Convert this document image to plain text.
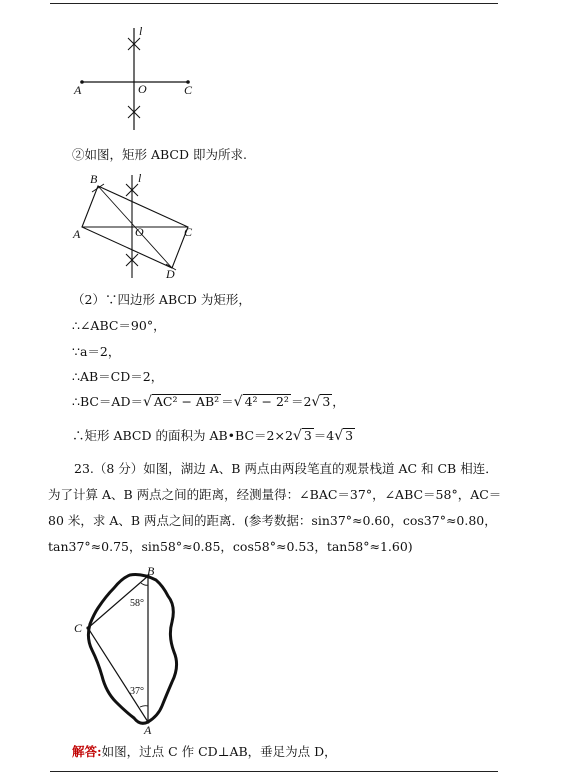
l
A	O	C
②如图，矩形 ABCD 即为所求.
B	l
A	O	C
D
（2）∵四边形 ABCD 为矩形，
∴∠ABC＝90°，
∵a＝2，
∴AB＝CD＝2，
∴BC＝AD＝√ AC² − AB² ＝√ 4² − 2² ＝2√ 3 ，
∴矩形 ABCD 的面积为 AB•BC＝2×2√ 3 ＝4√ 3
23.（8 分）如图，湖边 A、B 两点由两段笔直的观景栈道 AC 和 CB 相连．为了计算 A、B 两点之间的距离，经测量得：∠BAC＝37°，∠ABC＝58°，AC＝80 米，求 A、B 两点之间的距离．(参考数据：sin37°≈0.60，cos37°≈0.80，tan37°≈0.75，sin58°≈0.85，cos58°≈0.53，tan58°≈1.60)
B
C
A
58°
37°
解答:如图，过点 C 作 CD⊥AB，垂足为点 D，
